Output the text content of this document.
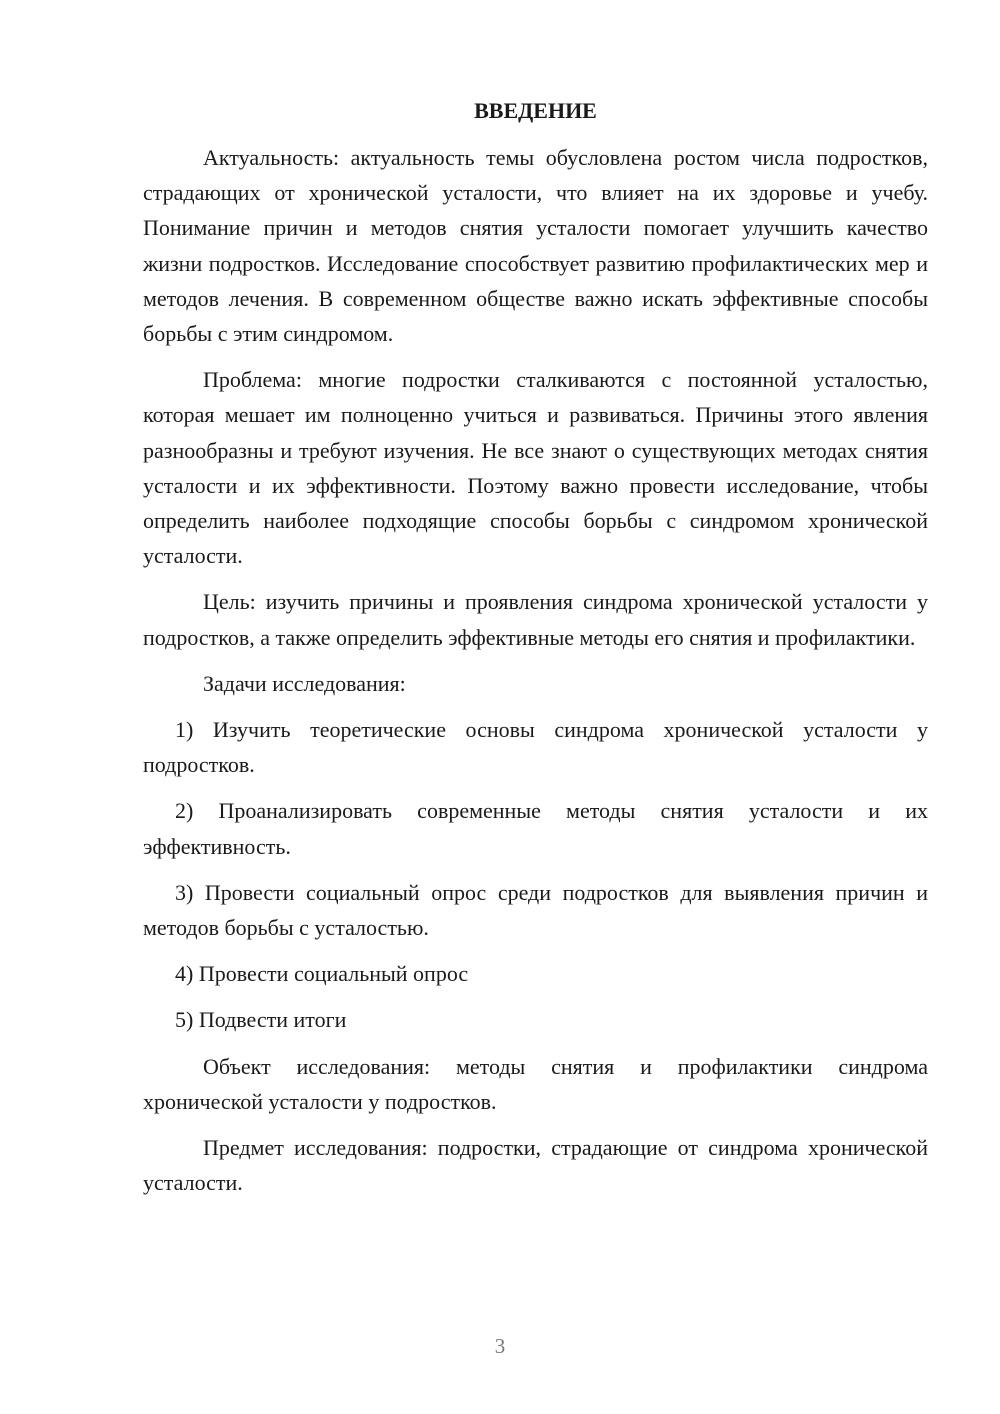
ВВЕДЕНИЕ

Актуальность: актуальность темы обусловлена ростом числа подростков, страдающих от хронической усталости, что влияет на их здоровье и учебу. Понимание причин и методов снятия усталости помогает улучшить качество жизни подростков. Исследование способствует развитию профилактических мер и методов лечения. В современном обществе важно искать эффективные способы борьбы с этим синдромом.

Проблема: многие подростки сталкиваются с постоянной усталостью, которая мешает им полноценно учиться и развиваться. Причины этого явления разнообразны и требуют изучения. Не все знают о существующих методах снятия усталости и их эффективности. Поэтому важно провести исследование, чтобы определить наиболее подходящие способы борьбы с синдромом хронической усталости.

Цель: изучить причины и проявления синдрома хронической усталости у подростков, а также определить эффективные методы его снятия и профилактики.

Задачи исследования:

1) Изучить теоретические основы синдрома хронической усталости у подростков.

2) Проанализировать современные методы снятия усталости и их эффективность.

3) Провести социальный опрос среди подростков для выявления причин и методов борьбы с усталостью.

4) Провести социальный опрос

5) Подвести итоги

Объект исследования: методы снятия и профилактики синдрома хронической усталости у подростков.

Предмет исследования: подростки, страдающие от синдрома хронической усталости.

3
